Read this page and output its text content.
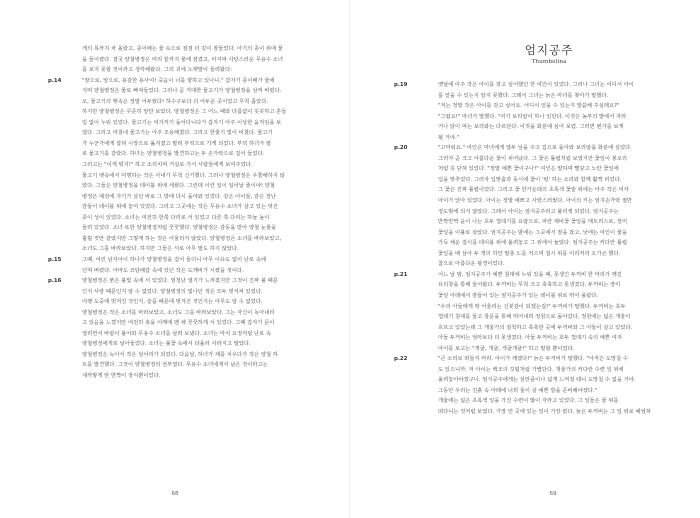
게의 목까지 차 올랐고, 종이배는 물 속으로 점점 더 깊이 잠들었다. 아기의 종이 위에 물
을 들이켰다. 결국 양철병정은 머리 끝까지 물에 잠겼고, 마지막 사탕스러운 무용수 소녀
를 보지 못할 것이라고 생각해왔다. 그리 귀에 노랫말이 들려왔다:
p.14	"잘으로, 앞으로, 용감한 용사여! 죽음이 너를 향하고 있나니." 갑자기 종이배가 물에
지며 양철병정은 물로 빠져들었다. 그러나 곧 거대한 물고기가 양철병정을 삼켜 버렸다.
오, 물고기의 뱃속은 정말 어두웠다! 하수구보다 더 어두운 곳이었고 무척 좁았다.
하지만 양철병정은 꾸준히 앞만 보았다. 양철병정은 그 어느 때와 다름없이 꼿꼿하고 흔들
림 없이 누워 있었다. 물고기는 여기저기 돌아다니다가 갑자기 아주 이상한 움직임을 보
였다. 그리고 마침내 물고기는 아주 조용해졌다. 그리고 한줄기 빛이 비쳤다. 물고기
가 누군가에게 잡혀 시장으로 옮겨졌고 팔려 부엌으로 가게 되었다. 부엌 하녀가 칼
로 물고기를 갈랐다. 하녀는 양철병정을 발견하고는 두 손가락으로 집어 들었다.
그러고는 "이게 뭐지!" 하고 소리치며 거실로 가서 사람들에게 보여주었다.
물고기 뱃속에서 여행하는 작은 사내가 무척 신기했다. 그러나 양철병정은 우쭐해하지 않
았다. 그들은 양철병정을 테이블 위에 세웠다. 그런데 이런 일이 일어날 줄이야! 양철
병정은 예전에 자기가 살던 바로 그 방에 다시 돌아와 있었다. 같은 아이들, 같은 장난
감들이 테이블 위에 놓여 있었다. 그리고 그곳에는 작은 무용수 소녀가 살고 있는 멋진
종이 성이 있었다. 소녀는 여전히 한쪽 다리로 서 있었고 다른 쪽 다리는 하늘 높이
들려 있었다. 소녀 또한 양철병정처럼 꿋꿋했다. 양철병정은 감동을 받아 양철 눈물을
흘릴 것만 같았지만 그렇게 하는 것은 어울리지 않았다. 양철병정은 소녀를 바라보았고,
소녀도 그를 바라보았다. 하지만 그들은 서로 아무 말도 하지 않았다.
p.15	그때, 어린 남자아이 하나가 양철병정을 집어 들더니 아무 이유도 없이 난로 속에
던져 버렸다. 아마도 코담배갑 속에 있던 작은 도깨비가 시켰을 것이다.
p.16	양철병정은 붉은 불빛 속에 서 있었다. 엄청난 열기가 느껴졌지만 그것이 진짜 불 때문
인지 사랑 때문인지 알 수 없었다. 양철병정의 빛나던 색은 모두 벗겨져 있었다.
여행 도중에 벗겨진 것인지, 슬픔 때문에 벗겨진 것인지는 아무도 알 수 없었다.
양철병정은 작은 소녀를 바라보았고, 소녀도 그를 바라보았다. 그는 자신이 녹아내리
고 있음을 느꼈지만 여전히 총을 어깨에 멘 채 꿋꿋하게 서 있었다. 그때 갑자기 문이
열리면서 바람이 불어와 무용수 소녀를 날려 보냈다. 소녀는 마치 요정처럼 난로 속
양철병정에게로 날아들었다. 소녀는 불꽃 속에서 타올라 사라지고 말았다.
양철병정은 녹아서 작은 덩어리가 되었다. 다음날, 하녀가 재를 치우다가 작은 양철 하
트를 발견했다. 그것이 양철병정의 전부였다. 무용수 소녀에게서 남은 것이라고는
새까맣게 탄 반짝이 장식뿐이었다.
68
p.19	옛날에 아주 작은 아이를 갖고 싶어했던 한 여인이 있었다. 그러나 그녀는 어디서 아이
를 얻을 수 있는지 알지 못했다. 그래서 그녀는 늙은 마녀를 찾아가 말했다.
"저는 정말 작은 아이를 갖고 싶어요. 어디서 얻을 수 있는지 말씀해 주실래요?"
"그럼요!" 마녀가 말했다. "여기 보리알이 하나 있단다. 이것은 농부의 밭에서 자라
거나 닭이 먹는 보리와는 다르단다. 이것을 화분에 심어 보렴. 그러면 뭔가를 보게
될 거야."
p.20	"고마워요." 여인은 마녀에게 열두 닢을 주고 집으로 돌아와 보리알을 화분에 심었다.
그러자 곧 크고 아름다운 꽃이 피어났다. 그 꽃은 튤립처럼 보였지만 꽃잎이 봉오리
처럼 꼭 닫혀 있었다. "정말 예쁜 꽃이구나!" 여인은 말하며 빨갛고 노란 꽃잎에
입을 맞추었다. 그러자 입맞춤과 동시에 꽃이 '펑' 하는 소리와 함께 활짝 피었다.
그 꽃은 진짜 튤립이었다. 그리고 꽃 한가운데의 초록색 꽃술 위에는 아주 작은 여자
아이가 앉아 있었다. 아이는 정말 예쁘고 사랑스러웠다. 아이의 키는 엄지손가락 절반
정도밖에 되지 않았다. 그래서 아이는 엄지공주라고 불리게 되었다. 엄지공주는
반짝반짝 윤이 나는 호두 껍데기를 요람으로, 파란 제비꽃 꽃잎을 매트리스로, 장미
꽃잎을 이불로 삼았다. 엄지공주는 밤에는 그곳에서 잠을 잤고, 낮에는 여인이 물을
가득 채운 접시를 테이블 위에 올려놓고 그 위에서 놀았다. 엄지공주는 커다란 튤립
꽃잎을 배 삼아 두 개의 하얀 말총 노를 저으며 접시 위를 이리저리 오가곤 했다.
참으로 아름다운 광경이었다.
p.21	어느 날 밤, 엄지공주가 예쁜 침대에 누워 있을 때, 못생긴 두꺼비 한 마리가 깨진
유리창을 통해 들어왔다. 두꺼비는 무척 크고 축축하고 못생겼다. 두꺼비는 장미
꽃잎 아래에서 잠들어 있는 엄지공주가 있는 테이블 위로 뛰어 올랐다.
"우리 아들에게 딱 어울리는 신붓감이 되겠는걸!" 두꺼비가 말했다. 두꺼비는 호두
껍데기 침대를 들고 창문을 통해 뛰어내려 정원으로 돌아갔다. 정원에는 넓은 개울이
흐르고 있었는데 그 개울가의 질척하고 축축한 곳에 두꺼비와 그 아들이 살고 있었다.
아들 두꺼비는 엄마보다 더 못생겼다. 아들 두꺼비는 호두 껍데기 속의 예쁜 여자
아이를 보고는 "개굴, 개굴, 개굴개굴!" 하고 말할 뿐이었다.
p.22	"큰 소리로 떠들지 마라. 아이가 깨겠다!" 늙은 두꺼비가 말했다. "아직은 도망칠 수
도 있으니까. 저 아이는 백조의 깃털처럼 가볍단다. 개울가의 커다란 수련 잎 위에
올려놓아야겠구나. 엄지공주에게는 섬만큼이나 넓게 느껴질 테니 도망칠 수 없을 거야.
그동안 우리는 진흙 속 아래에 너희 둘이 살 예쁜 방을 준비해야겠다."
개울에는 넓은 초록색 잎을 가진 수련이 많이 자라고 있었다. 그 잎들은 물 위를
떠다니는 것처럼 보였다. 가장 먼 곳에 있는 잎이 가장 컸다. 늙은 두꺼비는 그 잎 위로 헤엄쳐
69
엄지공주
Thumbelina
